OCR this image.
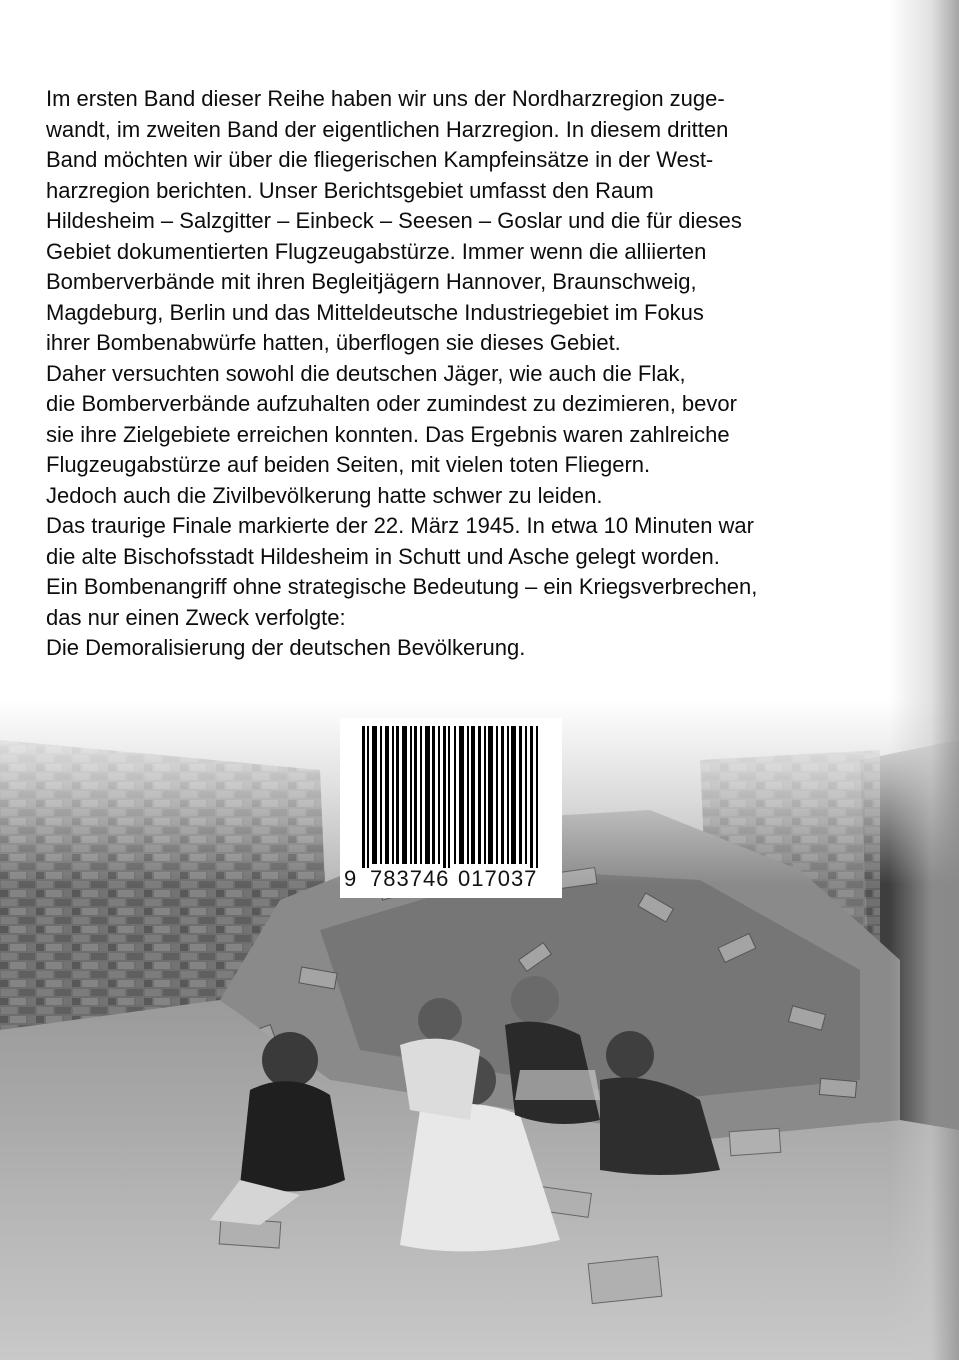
Im ersten Band dieser Reihe haben wir uns der Nordharzregion zuge-
wandt, im zweiten Band der eigentlichen Harzregion. In diesem dritten
Band möchten wir über die fliegerischen Kampfeinsätze in der West-
harzregion berichten. Unser Berichtsgebiet umfasst den Raum
Hildesheim – Salzgitter – Einbeck – Seesen – Goslar und die für dieses
Gebiet dokumentierten Flugzeugabstürze. Immer wenn die alliierten
Bomberverbände mit ihren Begleitjägern Hannover, Braunschweig,
Magdeburg, Berlin und das Mitteldeutsche Industriegebiet im Fokus
ihrer Bombenabwürfe hatten, überflogen sie dieses Gebiet.
Daher versuchten sowohl die deutschen Jäger, wie auch die Flak,
die Bomberverbände aufzuhalten oder zumindest zu dezimieren, bevor
sie ihre Zielgebiete erreichen konnten. Das Ergebnis waren zahlreiche
Flugzeugabstürze auf beiden Seiten, mit vielen toten Fliegern.
Jedoch auch die Zivilbevölkerung hatte schwer zu leiden.
Das traurige Finale markierte der 22. März 1945. In etwa 10 Minuten war
die alte Bischofsstadt Hildesheim in Schutt und Asche gelegt worden.
Ein Bombenangriff ohne strategische Bedeutung – ein Kriegsverbrechen,
das nur einen Zweck verfolgte:
Die Demoralisierung der deutschen Bevölkerung.
9 783746 017037
